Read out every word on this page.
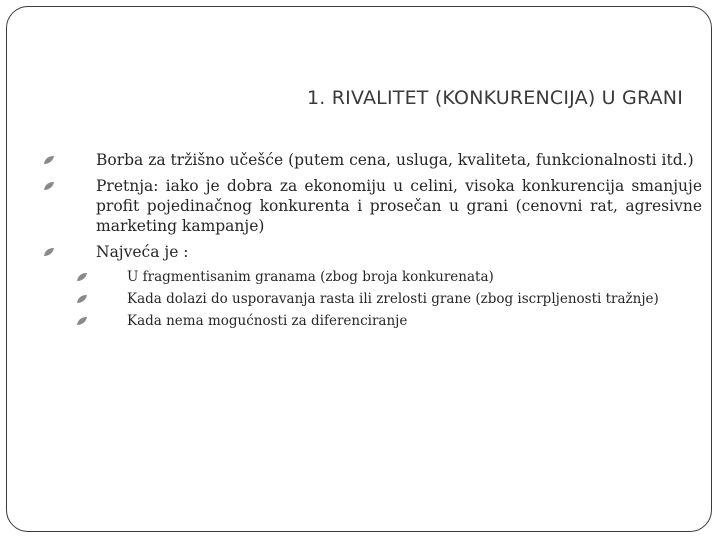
1. RIVALITET (KONKURENCIJA) U GRANI
Borba za tržišno učešće (putem cena, usluga, kvaliteta, funkcionalnosti itd.)
Pretnja: iako je dobra za ekonomiju u celini, visoka konkurencija smanjuje profit pojedinačnog konkurenta i prosečan u grani (cenovni rat, agresivne marketing kampanje)
Najveća je :
U fragmentisanim granama (zbog broja konkurenata)
Kada dolazi do usporavanja rasta ili zrelosti grane (zbog iscrpljenosti tražnje)
Kada nema mogućnosti za diferenciranje
